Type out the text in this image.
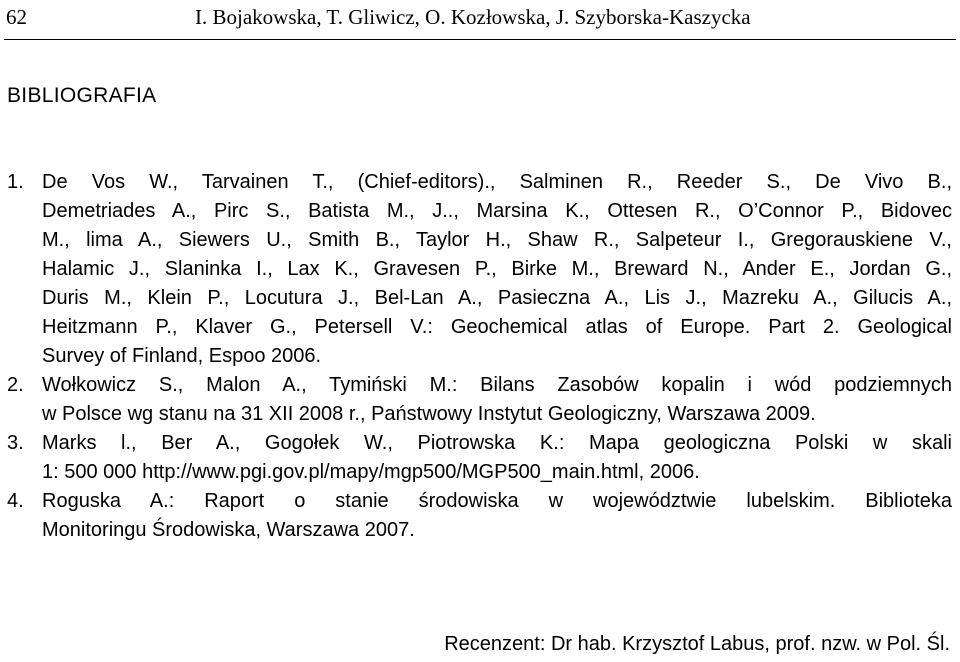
62	I. Bojakowska, T. Gliwicz, O. Kozłowska, J. Szyborska-Kaszycka
BIBLIOGRAFIA
1. De Vos W., Tarvainen T., (Chief-editors)., Salminen R., Reeder S., De Vivo B.,
Demetriades A., Pirc S., Batista M., J.., Marsina K., Ottesen R., O’Connor P., Bidovec
M., lima A., Siewers U., Smith B., Taylor H., Shaw R., Salpeteur I., Gregorauskiene V.,
Halamic J., Slaninka I., Lax K., Gravesen P., Birke M., Breward N., Ander E., Jordan G.,
Duris M., Klein P., Locutura J., Bel-Lan A., Pasieczna A., Lis J., Mazreku A., Gilucis A.,
Heitzmann P., Klaver G., Petersell V.: Geochemical atlas of Europe. Part 2. Geological
Survey of Finland, Espoo 2006.
2. Wołkowicz S., Malon A., Tymiński M.: Bilans Zasobów kopalin i wód podziemnych
w Polsce wg stanu na 31 XII 2008 r., Państwowy Instytut Geologiczny, Warszawa 2009.
3. Marks l., Ber A., Gogołek W., Piotrowska K.: Mapa geologiczna Polski w skali
1: 500 000 http://www.pgi.gov.pl/mapy/mgp500/MGP500_main.html, 2006.
4. Roguska A.: Raport o stanie środowiska w województwie lubelskim. Biblioteka
Monitoringu Środowiska, Warszawa 2007.
Recenzent: Dr hab. Krzysztof Labus, prof. nzw. w Pol. Śl.
